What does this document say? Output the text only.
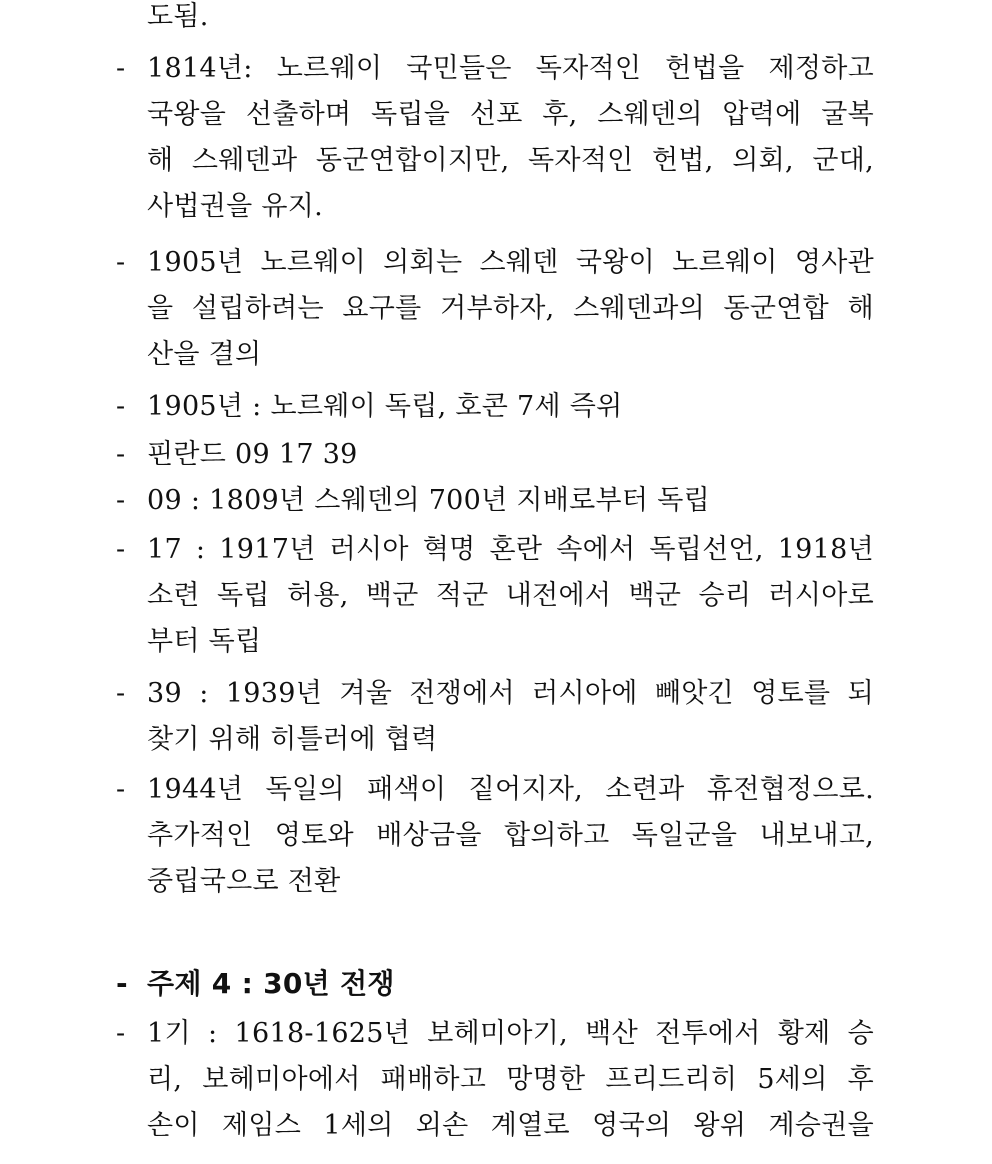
도됨.
- 1814년: 노르웨이 국민들은 독자적인 헌법을 제정하고
국왕을 선출하며 독립을 선포 후, 스웨덴의 압력에 굴복
해 스웨덴과 동군연합이지만, 독자적인 헌법, 의회, 군대,
사법권을 유지.
- 1905년 노르웨이 의회는 스웨덴 국왕이 노르웨이 영사관
을 설립하려는 요구를 거부하자, 스웨덴과의 동군연합 해
산을 결의
- 1905년 : 노르웨이 독립, 호콘 7세 즉위
- 핀란드 09 17 39
- 09 : 1809년 스웨덴의 700년 지배로부터 독립
- 17 : 1917년 러시아 혁명 혼란 속에서 독립선언, 1918년
소련 독립 허용, 백군 적군 내전에서 백군 승리 러시아로
부터 독립
- 39 : 1939년 겨울 전쟁에서 러시아에 빼앗긴 영토를 되
찾기 위해 히틀러에 협력
- 1944년 독일의 패색이 짙어지자, 소련과 휴전협정으로.
추가적인 영토와 배상금을 합의하고 독일군을 내보내고,
중립국으로 전환
- 주제 4 : 30년 전쟁
- 1기 : 1618-1625년 보헤미아기, 백산 전투에서 황제 승
리, 보헤미아에서 패배하고 망명한 프리드리히 5세의 후
손이 제임스 1세의 외손 계열로 영국의 왕위 계승권을
